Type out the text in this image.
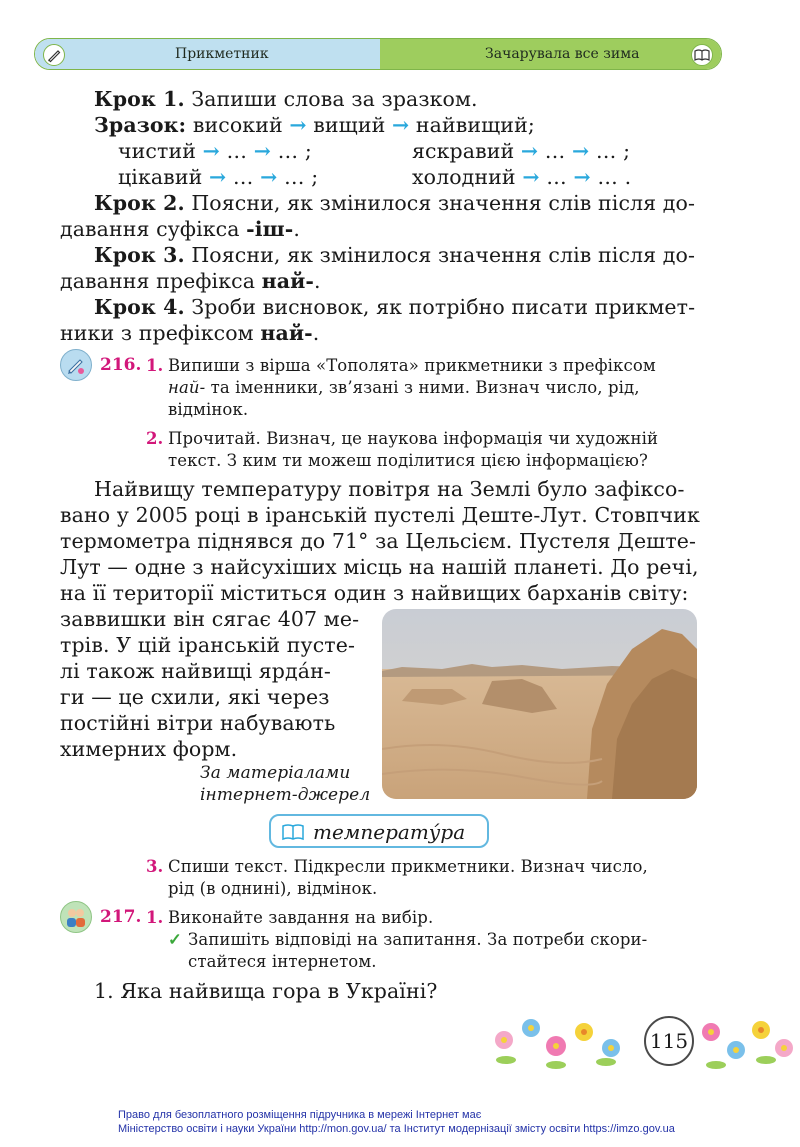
Прикметник	Зачарувала все зима
Крок 1. Запиши слова за зразком.
Зразок: високий → вищий → найвищий;
чистий → … → … ;	яскравий → … → … ;
цікавий → … → … ;	холодний → … → … .
Крок 2. Поясни, як змінилося значення слів після до-
давання суфікса -іш-.
Крок 3. Поясни, як змінилося значення слів після до-
давання префікса най-.
Крок 4. Зроби висновок, як потрібно писати прикмет-
ники з префіксом най-.
216. 1. Випиши з вірша «Тополята» прикметники з префіксом
най- та іменники, зв’язані з ними. Визнач число, рід,
відмінок.
2. Прочитай. Визнач, це наукова інформація чи художній
текст. З ким ти можеш поділитися цією інформацією?
Найвищу температуру повітря на Землі було зафіксо-
вано у 2005 році в іранській пустелі Деште-Лут. Стовпчик
термометра піднявся до 71° за Цельсієм. Пустеля Деште-
Лут — одне з найсухіших місць на нашій планеті. До речі,
на її території міститься один з найвищих барханів світу:
заввишки він сягає 407 ме-
трів. У цій іранській пусте-
лі також найвищі ярда́н-
ги — це схили, які через
постійні вітри набувають
химерних форм.
За матеріалами
інтернет-джерел
температу́ра
3. Спиши текст. Підкресли прикметники. Визнач число,
рід (в однині), відмінок.
217. 1. Виконайте завдання на вибір.
✓ Запишіть відповіді на запитання. За потреби скори-
стайтеся інтернетом.
1. Яка найвища гора в Україні?
115
Право для безоплатного розміщення підручника в мережі Інтернет має
Міністерство освіти і науки України http://mon.gov.ua/ та Інститут модернізації змісту освіти https://imzo.gov.ua
